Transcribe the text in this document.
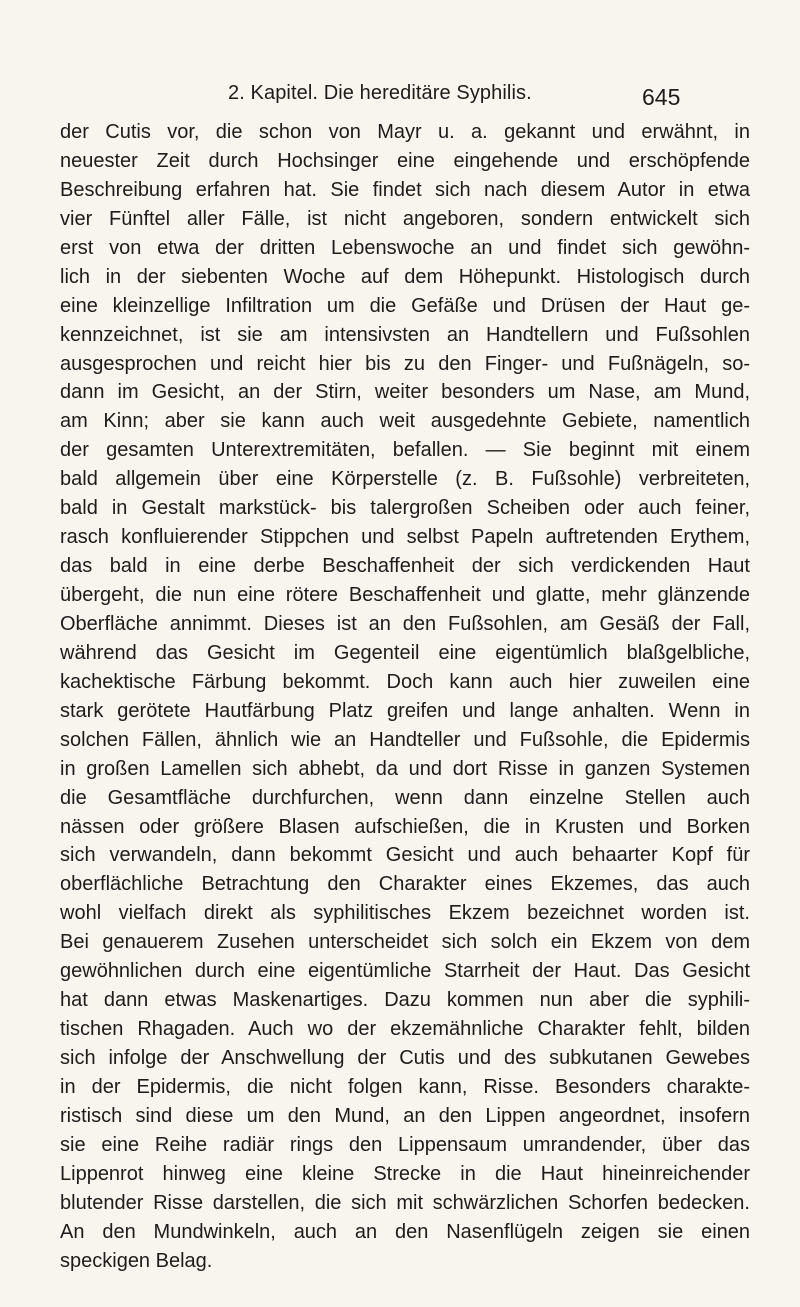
2. Kapitel. Die hereditäre Syphilis.	645
der Cutis vor, die schon von Mayr u. a. gekannt und erwähnt, in
neuester Zeit durch Hochsinger eine eingehende und erschöpfende
Beschreibung erfahren hat. Sie findet sich nach diesem Autor in etwa
vier Fünftel aller Fälle, ist nicht angeboren, sondern entwickelt sich
erst von etwa der dritten Lebenswoche an und findet sich gewöhn-
lich in der siebenten Woche auf dem Höhepunkt. Histologisch durch
eine kleinzellige Infiltration um die Gefäße und Drüsen der Haut ge-
kennzeichnet, ist sie am intensivsten an Handtellern und Fußsohlen
ausgesprochen und reicht hier bis zu den Finger- und Fußnägeln, so-
dann im Gesicht, an der Stirn, weiter besonders um Nase, am Mund,
am Kinn; aber sie kann auch weit ausgedehnte Gebiete, namentlich
der gesamten Unterextremitäten, befallen. — Sie beginnt mit einem
bald allgemein über eine Körperstelle (z. B. Fußsohle) verbreiteten,
bald in Gestalt markstück- bis talergroßen Scheiben oder auch feiner,
rasch konfluierender Stippchen und selbst Papeln auftretenden Erythem,
das bald in eine derbe Beschaffenheit der sich verdickenden Haut
übergeht, die nun eine rötere Beschaffenheit und glatte, mehr glänzende
Oberfläche annimmt. Dieses ist an den Fußsohlen, am Gesäß der Fall,
während das Gesicht im Gegenteil eine eigentümlich blaßgelbliche,
kachektische Färbung bekommt. Doch kann auch hier zuweilen eine
stark gerötete Hautfärbung Platz greifen und lange anhalten. Wenn in
solchen Fällen, ähnlich wie an Handteller und Fußsohle, die Epidermis
in großen Lamellen sich abhebt, da und dort Risse in ganzen Systemen
die Gesamtfläche durchfurchen, wenn dann einzelne Stellen auch
nässen oder größere Blasen aufschießen, die in Krusten und Borken
sich verwandeln, dann bekommt Gesicht und auch behaarter Kopf für
oberflächliche Betrachtung den Charakter eines Ekzemes, das auch
wohl vielfach direkt als syphilitisches Ekzem bezeichnet worden ist.
Bei genauerem Zusehen unterscheidet sich solch ein Ekzem von dem
gewöhnlichen durch eine eigentümliche Starrheit der Haut. Das Gesicht
hat dann etwas Maskenartiges. Dazu kommen nun aber die syphili-
tischen Rhagaden. Auch wo der ekzemähnliche Charakter fehlt, bilden
sich infolge der Anschwellung der Cutis und des subkutanen Gewebes
in der Epidermis, die nicht folgen kann, Risse. Besonders charakte-
ristisch sind diese um den Mund, an den Lippen angeordnet, insofern
sie eine Reihe radiär rings den Lippensaum umrandender, über das
Lippenrot hinweg eine kleine Strecke in die Haut hineinreichender
blutender Risse darstellen, die sich mit schwärzlichen Schorfen bedecken.
An den Mundwinkeln, auch an den Nasenflügeln zeigen sie einen
speckigen Belag.
